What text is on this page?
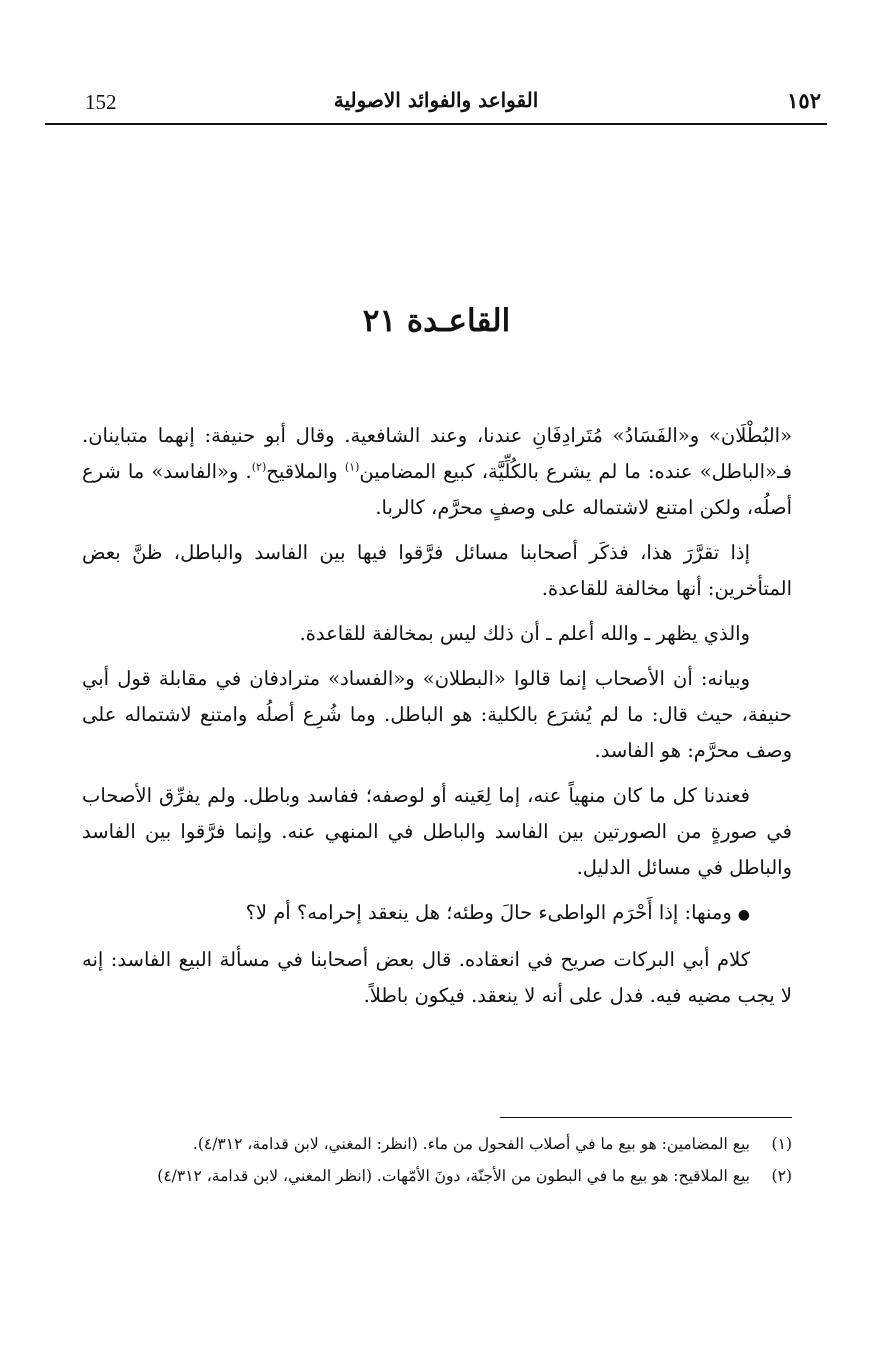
152	القواعد والفوائد الاصولية	١٥٢
القاعـدة ٢١

«البُطْلَان» و«الفَسَادُ» مُتَرادِفَانِ عندنا، وعند الشافعية. وقال أبو حنيفة: إنهما متباينان. فـ«الباطل» عنده: ما لم يشرع بالكُلِّيَّة، كبيع المضامين$^{(١)}$ والملاقيح$^{(٢)}$. و«الفاسد» ما شرع أصلُه، ولكن امتنع لاشتماله على وصفٍ محرَّم، كالربا.

إذا تقرَّرَ هذا، فذكَر أصحابنا مسائل فرَّقوا فيها بين الفاسد والباطل، ظنَّ بعض المتأخرين: أنها مخالفة للقاعدة.

والذي يظهر ـ والله أعلم ـ أن ذلك ليس بمخالفة للقاعدة.

وبيانه: أن الأصحاب إنما قالوا «البطلان» و«الفساد» مترادفان في مقابلة قول أبي حنيفة، حيث قال: ما لم يُشرَع بالكلية: هو الباطل. وما شُرِع أصلُه وامتنع لاشتماله على وصف محرَّم: هو الفاسد.

فعندنا كل ما كان منهياً عنه، إما لِعَينه أو لوصفه؛ ففاسد وباطل. ولم يفرِّق الأصحاب في صورةٍ من الصورتين بين الفاسد والباطل في المنهي عنه. وإنما فرَّقوا بين الفاسد والباطل في مسائل الدليل.

●ومنها: إذا أَحْرَم الواطىء حالَ وطئه؛ هل ينعقد إحرامه؟ أم لا؟

كلام أبي البركات صريح في انعقاده. قال بعض أصحابنا في مسألة البيع الفاسد: إنه لا يجب مضيه فيه. فدل على أنه لا ينعقد. فيكون باطلاً.

(١)
بيع المضامين: هو بيع ما في أصلاب الفحول من ماء. (انظر: المغني، لابن قدامة، ٤/٣١٢).
(٢)
بيع الملاقيح: هو بيع ما في البطون من الأجنّة، دونَ الأمّهات. (انظر المغني، لابن قدامة، ٤/٣١٢)
